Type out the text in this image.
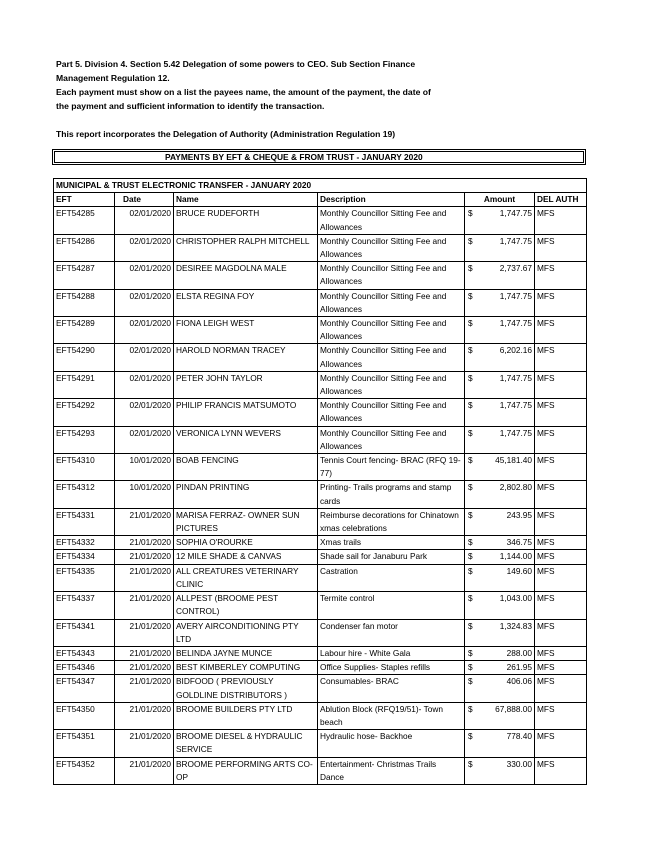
Part 5. Division 4. Section 5.42 Delegation of some powers to CEO. Sub Section Finance

Management Regulation 12.

Each payment must show on a list the payees name, the amount of the payment, the date of

the payment and sufficient information to identify the transaction.

This report incorporates the Delegation of Authority (Administration Regulation 19)

PAYMENTS BY EFT & CHEQUE & FROM TRUST - JANUARY 2020
MUNICIPAL & TRUST ELECTRONIC TRANSFER - JANUARY 2020					
EFT	Date	Name	Description	Amount	DEL AUTH
EFT54285	02/01/2020	BRUCE RUDEFORTH	Monthly Councillor Sitting Fee and Allowances	$ 1,747.75	MFS
EFT54286	02/01/2020	CHRISTOPHER RALPH MITCHELL	Monthly Councillor Sitting Fee and Allowances	$ 1,747.75	MFS
EFT54287	02/01/2020	DESIREE MAGDOLNA MALE	Monthly Councillor Sitting Fee and Allowances	$ 2,737.67	MFS
EFT54288	02/01/2020	ELSTA REGINA FOY	Monthly Councillor Sitting Fee and Allowances	$ 1,747.75	MFS
EFT54289	02/01/2020	FIONA LEIGH WEST	Monthly Councillor Sitting Fee and Allowances	$ 1,747.75	MFS
EFT54290	02/01/2020	HAROLD NORMAN TRACEY	Monthly Councillor Sitting Fee and Allowances	$ 6,202.16	MFS
EFT54291	02/01/2020	PETER JOHN TAYLOR	Monthly Councillor Sitting Fee and Allowances	$ 1,747.75	MFS
EFT54292	02/01/2020	PHILIP FRANCIS MATSUMOTO	Monthly Councillor Sitting Fee and Allowances	$ 1,747.75	MFS
EFT54293	02/01/2020	VERONICA LYNN WEVERS	Monthly Councillor Sitting Fee and Allowances	$ 1,747.75	MFS
EFT54310	10/01/2020	BOAB FENCING	Tennis Court fencing- BRAC (RFQ 19-77)	$ 45,181.40	MFS
EFT54312	10/01/2020	PINDAN PRINTING	Printing- Trails programs and stamp cards	$ 2,802.80	MFS
EFT54331	21/01/2020	MARISA FERRAZ- OWNER SUN PICTURES	Reimburse decorations for Chinatown xmas celebrations	$ 243.95	MFS
EFT54332	21/01/2020	SOPHIA O'ROURKE	Xmas trails	$ 346.75	MFS
EFT54334	21/01/2020	12 MILE SHADE & CANVAS	Shade sail for Janaburu Park	$ 1,144.00	MFS
EFT54335	21/01/2020	ALL CREATURES VETERINARY CLINIC	Castration	$ 149.60	MFS
EFT54337	21/01/2020	ALLPEST (BROOME PEST CONTROL)	Termite control	$ 1,043.00	MFS
EFT54341	21/01/2020	AVERY AIRCONDITIONING PTY LTD	Condenser fan motor	$ 1,324.83	MFS
EFT54343	21/01/2020	BELINDA JAYNE MUNCE	Labour hire - White Gala	$ 288.00	MFS
EFT54346	21/01/2020	BEST KIMBERLEY COMPUTING	Office Supplies- Staples refills	$ 261.95	MFS
EFT54347	21/01/2020	BIDFOOD ( PREVIOUSLY GOLDLINE DISTRIBUTORS )	Consumables- BRAC	$ 406.06	MFS
EFT54350	21/01/2020	BROOME BUILDERS PTY LTD	Ablution Block (RFQ19/51)- Town beach	$ 67,888.00	MFS
EFT54351	21/01/2020	BROOME DIESEL & HYDRAULIC SERVICE	Hydraulic hose- Backhoe	$ 778.40	MFS
EFT54352	21/01/2020	BROOME PERFORMING ARTS CO-OP	Entertainment- Christmas Trails Dance	$ 330.00	MFS
